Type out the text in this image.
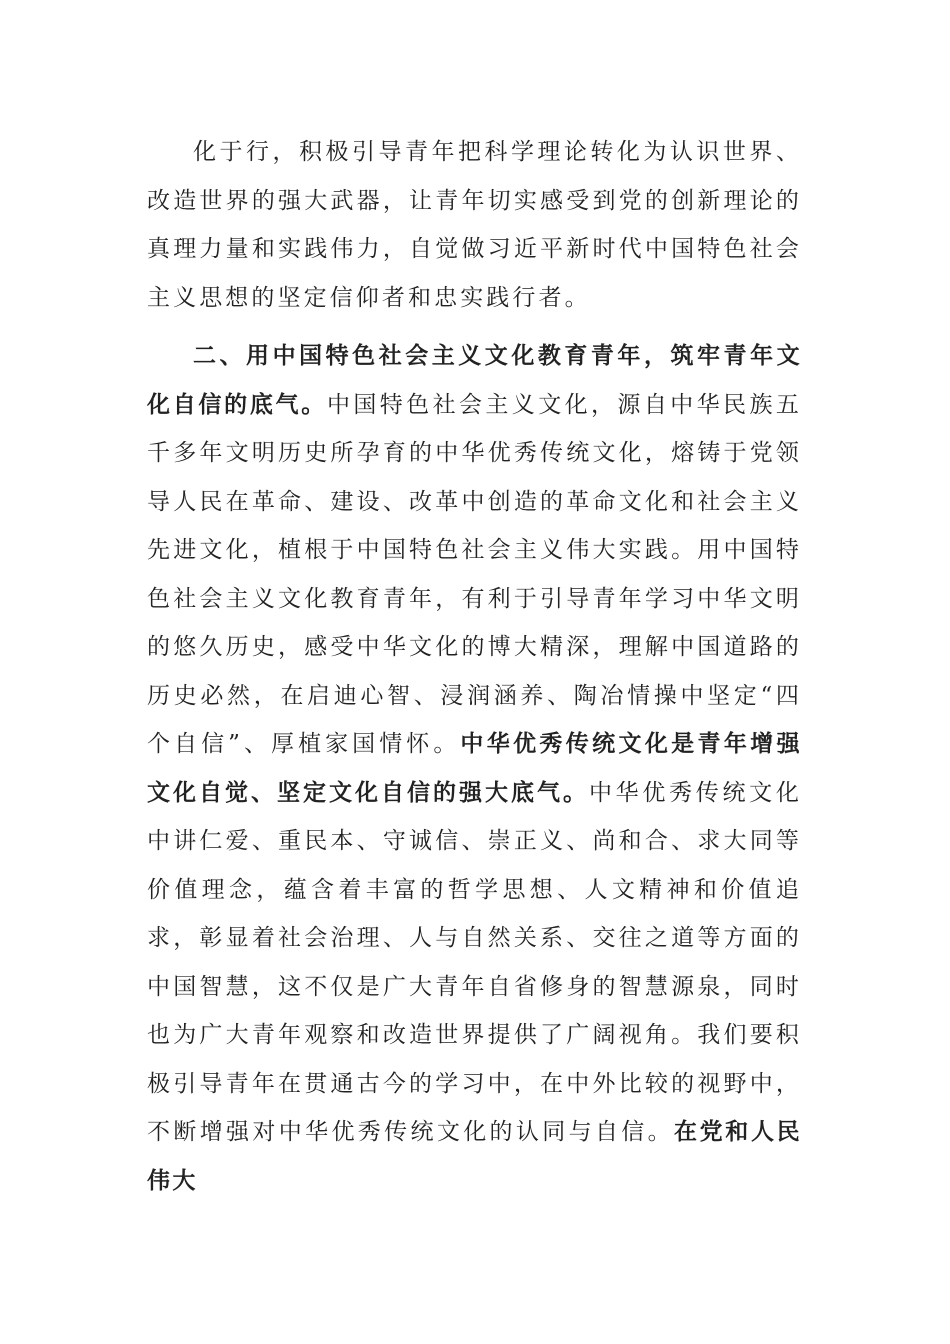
化于行，积极引导青年把科学理论转化为认识世界、改造世界的强大武器，让青年切实感受到党的创新理论的真理力量和实践伟力，自觉做习近平新时代中国特色社会主义思想的坚定信仰者和忠实践行者。

二、用中国特色社会主义文化教育青年，筑牢青年文化自信的底气。中国特色社会主义文化，源自中华民族五千多年文明历史所孕育的中华优秀传统文化，熔铸于党领导人民在革命、建设、改革中创造的革命文化和社会主义先进文化，植根于中国特色社会主义伟大实践。用中国特色社会主义文化教育青年，有利于引导青年学习中华文明的悠久历史，感受中华文化的博大精深，理解中国道路的历史必然，在启迪心智、浸润涵养、陶冶情操中坚定“四个自信”、厚植家国情怀。中华优秀传统文化是青年增强文化自觉、坚定文化自信的强大底气。中华优秀传统文化中讲仁爱、重民本、守诚信、崇正义、尚和合、求大同等价值理念，蕴含着丰富的哲学思想、人文精神和价值追求，彰显着社会治理、人与自然关系、交往之道等方面的中国智慧，这不仅是广大青年自省修身的智慧源泉，同时也为广大青年观察和改造世界提供了广阔视角。我们要积极引导青年在贯通古今的学习中，在中外比较的视野中，不断增强对中华优秀传统文化的认同与自信。在党和人民伟大
